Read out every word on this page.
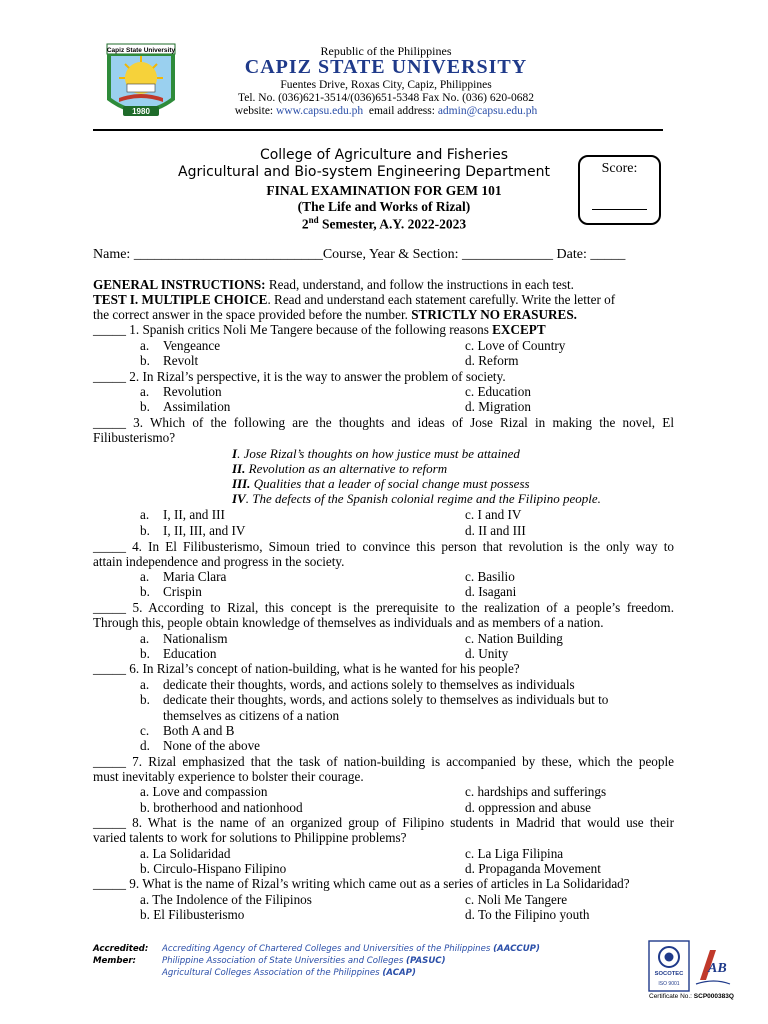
Capiz State University
1980
Republic of the Philippines
CAPIZ STATE UNIVERSITY
Fuentes Drive, Roxas City, Capiz, Philippines
Tel. No. (036)621-3514/(036)651-5348 Fax No. (036) 620-0682
website: www.capsu.edu.ph  email address: admin@capsu.edu.ph
College of Agriculture and Fisheries
Agricultural and Bio-system Engineering Department
FINAL EXAMINATION FOR GEM 101
(The Life and Works of Rizal)
2nd Semester, A.Y. 2022-2023
Score:
Name: ___________________________Course, Year & Section: _____________ Date: _____
GENERAL INSTRUCTIONS: Read, understand, and follow the instructions in each test.
TEST I. MULTIPLE CHOICE. Read and understand each statement carefully. Write the letter of
the correct answer in the space provided before the number. STRICTLY NO ERASURES.
_____ 1. Spanish critics Noli Me Tangere because of the following reasons EXCEPT
a. Vengeance	c. Love of Country
b. Revolt	d. Reform
_____ 2. In Rizal’s perspective, it is the way to answer the problem of society.
a. Revolution	c. Education
b. Assimilation	d. Migration
_____ 3. Which of the following are the thoughts and ideas of Jose Rizal in making the novel, El
Filibusterismo?
I. Jose Rizal’s thoughts on how justice must be attained
II. Revolution as an alternative to reform
III. Qualities that a leader of social change must possess
IV. The defects of the Spanish colonial regime and the Filipino people.
a. I, II, and III	c. I and IV
b. I, II, III, and IV	d. II and III
_____ 4. In El Filibusterismo, Simoun tried to convince this person that revolution is the only way to
attain independence and progress in the society.
a. Maria Clara	c. Basilio
b. Crispin	d. Isagani
_____ 5. According to Rizal, this concept is the prerequisite to the realization of a people’s freedom.
Through this, people obtain knowledge of themselves as individuals and as members of a nation.
a. Nationalism	c. Nation Building
b. Education	d. Unity
_____ 6. In Rizal’s concept of nation-building, what is he wanted for his people?
a. dedicate their thoughts, words, and actions solely to themselves as individuals
b. dedicate their thoughts, words, and actions solely to themselves as individuals but to
themselves as citizens of a nation
c. Both A and B
d. None of the above
_____ 7. Rizal emphasized that the task of nation-building is accompanied by these, which the people
must inevitably experience to bolster their courage.
a. Love and compassion	c. hardships and sufferings
b. brotherhood and nationhood	d. oppression and abuse
_____ 8. What is the name of an organized group of Filipino students in Madrid that would use their
varied talents to work for solutions to Philippine problems?
a. La Solidaridad	c. La Liga Filipina
b. Circulo-Hispano Filipino	d. Propaganda Movement
_____ 9. What is the name of Rizal’s writing which came out as a series of articles in La Solidaridad?
a. The Indolence of the Filipinos	c. Noli Me Tangere
b. El Filibusterismo	d. To the Filipino youth
Accredited:
Member:
Accrediting Agency of Chartered Colleges and Universities of the Philippines (AACCUP)
Philippine Association of State Universities and Colleges (PASUC)
Agricultural Colleges Association of the Philippines (ACAP)	SOCOTEC
ISO 9001
AB
Certificate No.: SCP000383Q
